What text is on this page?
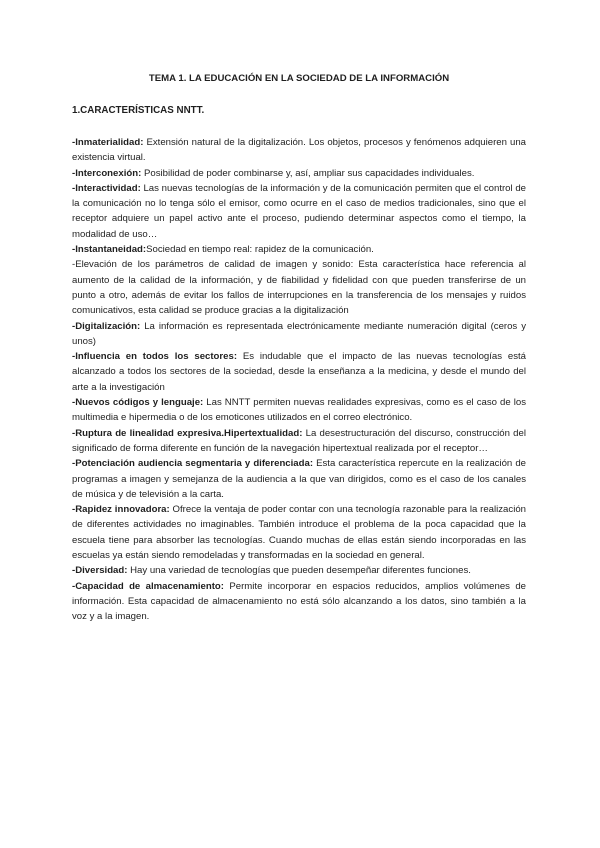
TEMA 1. LA EDUCACIÓN EN LA SOCIEDAD DE LA INFORMACIÓN
1.CARACTERÍSTICAS NNTT.

-Inmaterialidad: Extensión natural de la digitalización. Los objetos, procesos y fenómenos adquieren una existencia virtual.

-Interconexión: Posibilidad de poder combinarse y, así, ampliar sus capacidades individuales.

-Interactividad: Las nuevas tecnologías de la información y de la comunicación permiten que el control de la comunicación no lo tenga sólo el emisor, como ocurre en el caso de medios tradicionales, sino que el receptor adquiere un papel activo ante el proceso, pudiendo determinar aspectos como el tiempo, la modalidad de uso…

-Instantaneidad:Sociedad en tiempo real: rapidez de la comunicación.

-Elevación de los parámetros de calidad de imagen y sonido: Esta característica hace referencia al aumento de la calidad de la información, y de fiabilidad y fidelidad con que pueden transferirse de un punto a otro, además de evitar los fallos de interrupciones en la transferencia de los mensajes y ruidos comunicativos, esta calidad se produce gracias a la digitalización

-Digitalización: La información es representada electrónicamente mediante numeración digital (ceros y unos)

-Influencia en todos los sectores: Es indudable que el impacto de las nuevas tecnologías está alcanzado a todos los sectores de la sociedad, desde la enseñanza a la medicina, y desde el mundo del arte a la investigación

-Nuevos códigos y lenguaje: Las NNTT permiten nuevas realidades expresivas, como es el caso de los multimedia e hipermedia o de los emoticones utilizados en el correo electrónico.

-Ruptura de linealidad expresiva.Hipertextualidad: La desestructuración del discurso, construcción del significado de forma diferente en función de la navegación hipertextual realizada por el receptor…

-Potenciación audiencia segmentaria y diferenciada: Esta característica repercute en la realización de programas a imagen y semejanza de la audiencia a la que van dirigidos, como es el caso de los canales de música y de televisión a la carta.

-Rapidez innovadora: Ofrece la ventaja de poder contar con una tecnología razonable para la realización de diferentes actividades no imaginables. También introduce el problema de la poca capacidad que la escuela tiene para absorber las tecnologías. Cuando muchas de ellas están siendo incorporadas en las escuelas ya están siendo remodeladas y transformadas en la sociedad en general.

-Diversidad: Hay una variedad de tecnologías que pueden desempeñar diferentes funciones.

-Capacidad de almacenamiento: Permite incorporar en espacios reducidos, amplios volúmenes de información. Esta capacidad de almacenamiento no está sólo alcanzando a los datos, sino también a la voz y a la imagen.
